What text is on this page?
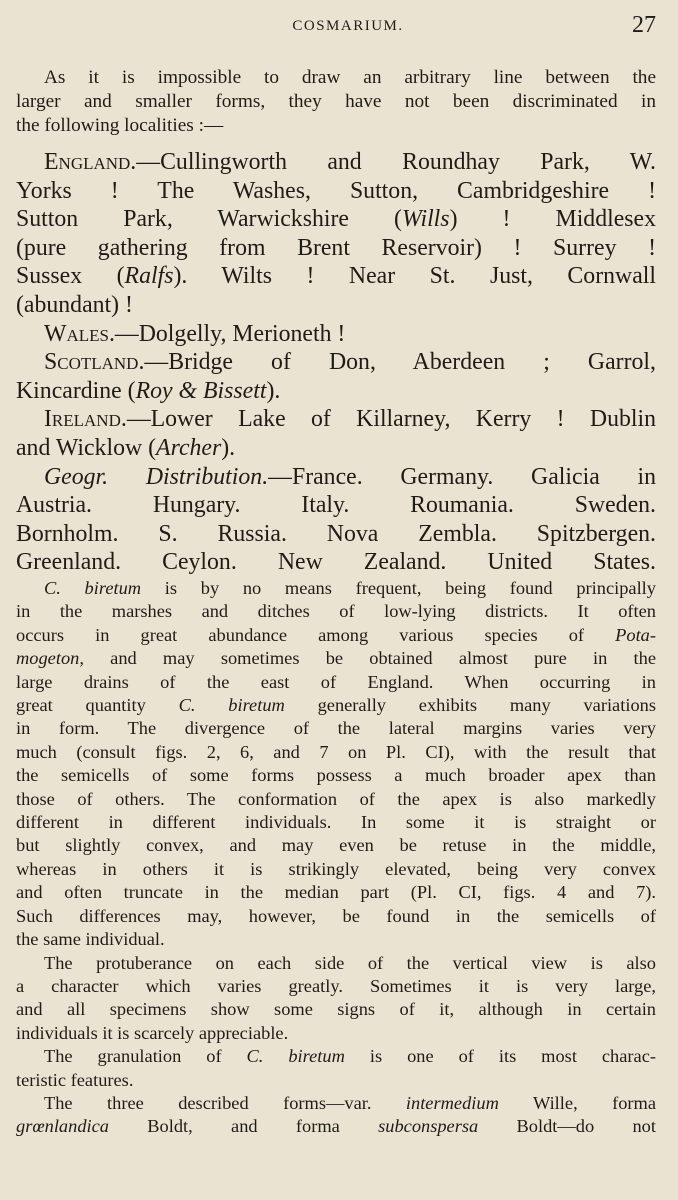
COSMARIUM.	27
As it is impossible to draw an arbitrary line between the
larger and smaller forms, they have not been discriminated in
the following localities :—
England.—Cullingworth and Roundhay Park, W.
Yorks ! The Washes, Sutton, Cambridgeshire !
Sutton Park, Warwickshire (Wills) ! Middlesex
(pure gathering from Brent Reservoir) ! Surrey !
Sussex (Ralfs). Wilts ! Near St. Just, Cornwall
(abundant) !
Wales.—Dolgelly, Merioneth !
Scotland.—Bridge of Don, Aberdeen ; Garrol,
Kincardine (Roy & Bissett).
Ireland.—Lower Lake of Killarney, Kerry ! Dublin
and Wicklow (Archer).
Geogr. Distribution.—France. Germany. Galicia in
Austria. Hungary. Italy. Roumania. Sweden.
Bornholm. S. Russia. Nova Zembla. Spitzbergen.
Greenland. Ceylon. New Zealand. United States.
C. biretum is by no means frequent, being found principally
in the marshes and ditches of low-lying districts. It often
occurs in great abundance among various species of Pota-
mogeton, and may sometimes be obtained almost pure in the
large drains of the east of England. When occurring in
great quantity C. biretum generally exhibits many variations
in form. The divergence of the lateral margins varies very
much (consult figs. 2, 6, and 7 on Pl. CI), with the result that
the semicells of some forms possess a much broader apex than
those of others. The conformation of the apex is also markedly
different in different individuals. In some it is straight or
but slightly convex, and may even be retuse in the middle,
whereas in others it is strikingly elevated, being very convex
and often truncate in the median part (Pl. CI, figs. 4 and 7).
Such differences may, however, be found in the semicells of
the same individual.
The protuberance on each side of the vertical view is also
a character which varies greatly. Sometimes it is very large,
and all specimens show some signs of it, although in certain
individuals it is scarcely appreciable.
The granulation of C. biretum is one of its most charac-
teristic features.
The three described forms—var. intermedium Wille, forma
grœnlandica Boldt, and forma subconspersa Boldt—do not
